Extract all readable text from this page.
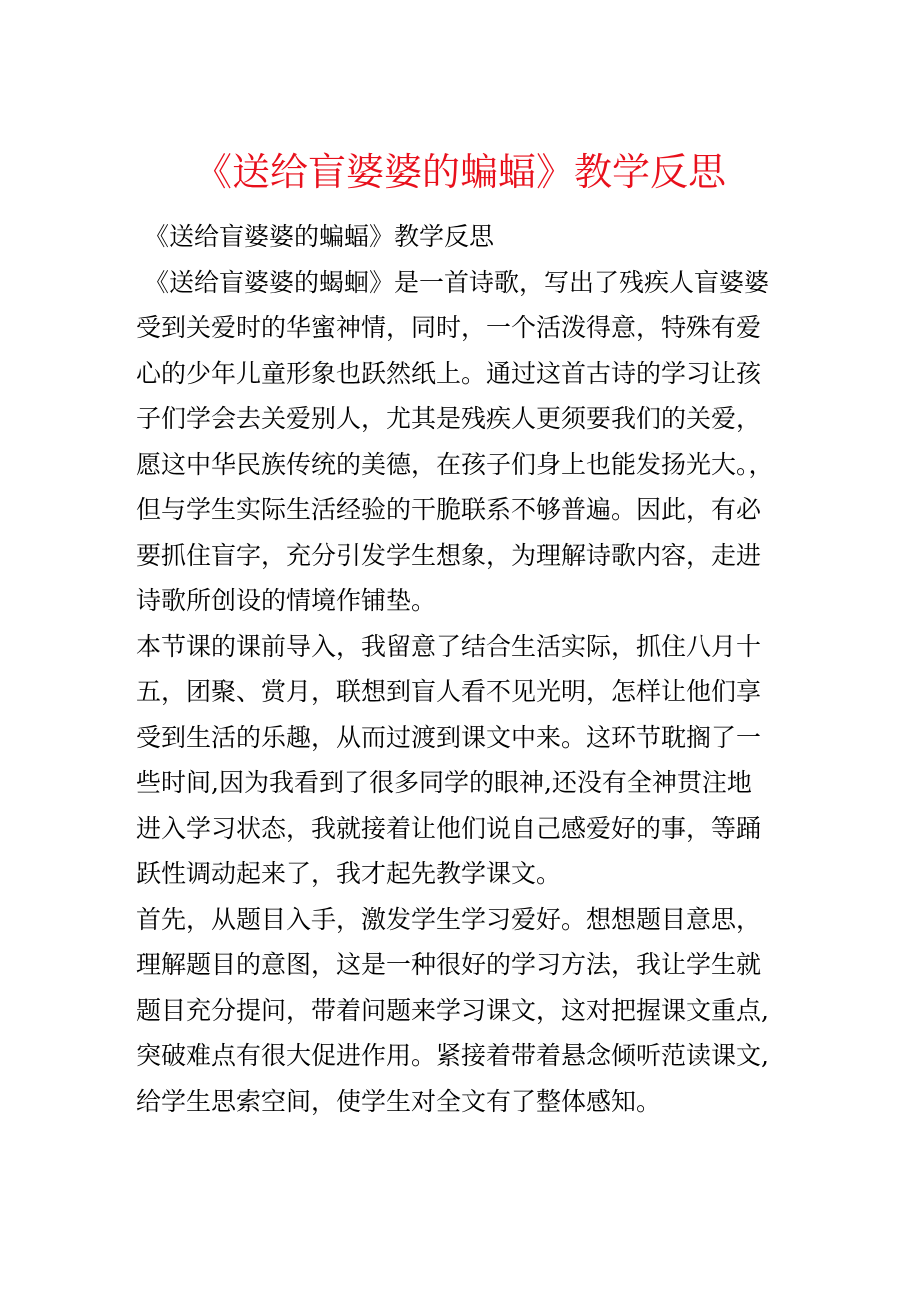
《送给盲婆婆的蝙蝠》教学反思
《送给盲婆婆的蝙蝠》教学反思
《送给盲婆婆的蝎蛔》是一首诗歌，写出了残疾人盲婆婆
受到关爱时的华蜜神情，同时，一个活泼得意，特殊有爱
心的少年儿童形象也跃然纸上。通过这首古诗的学习让孩
子们学会去关爱别人，尤其是残疾人更须要我们的关爱，
愿这中华民族传统的美德，在孩子们身上也能发扬光大。，
但与学生实际生活经验的干脆联系不够普遍。因此，有必
要抓住盲字，充分引发学生想象，为理解诗歌内容，走进
诗歌所创设的情境作铺垫。
本节课的课前导入，我留意了结合生活实际，抓住八月十
五，团聚、赏月，联想到盲人看不见光明，怎样让他们享
受到生活的乐趣，从而过渡到课文中来。这环节耽搁了一
些时间,因为我看到了很多同学的眼神,还没有全神贯注地
进入学习状态，我就接着让他们说自己感爱好的事，等踊
跃性调动起来了，我才起先教学课文。
首先，从题目入手，激发学生学习爱好。想想题目意思，
理解题目的意图，这是一种很好的学习方法，我让学生就
题目充分提问，带着问题来学习课文，这对把握课文重点,
突破难点有很大促进作用。紧接着带着悬念倾听范读课文,
给学生思索空间，使学生对全文有了整体感知。
